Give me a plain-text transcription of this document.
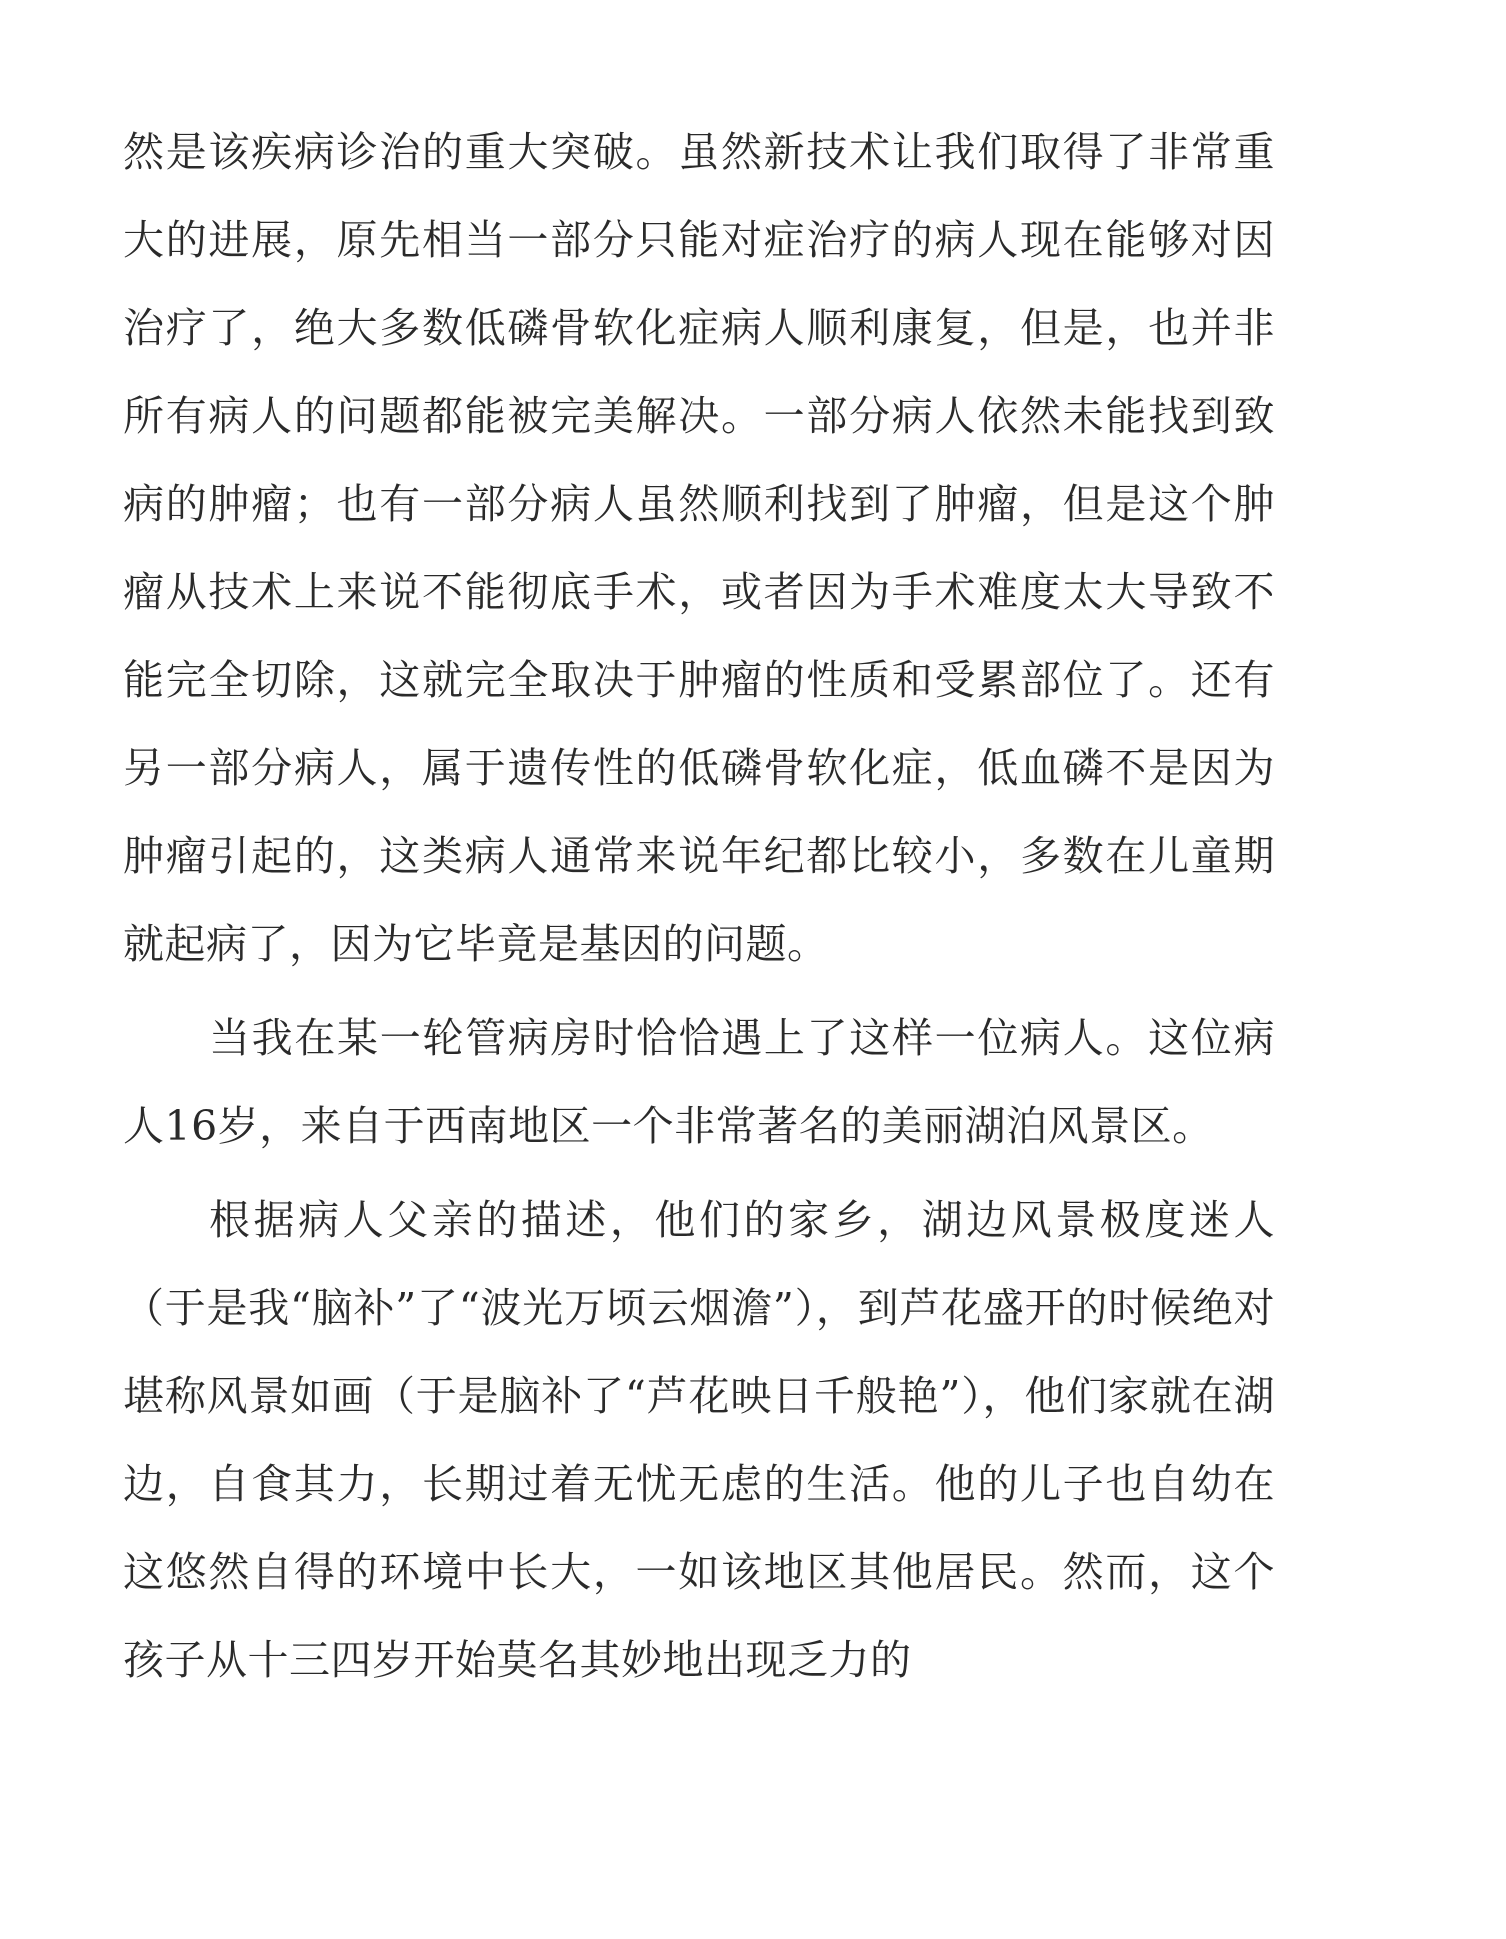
然是该疾病诊治的重大突破。虽然新技术让我们取得了非常重大的进展，原先相当一部分只能对症治疗的病人现在能够对因治疗了，绝大多数低磷骨软化症病人顺利康复，但是，也并非所有病人的问题都能被完美解决。一部分病人依然未能找到致病的肿瘤；也有一部分病人虽然顺利找到了肿瘤，但是这个肿瘤从技术上来说不能彻底手术，或者因为手术难度太大导致不能完全切除，这就完全取决于肿瘤的性质和受累部位了。还有另一部分病人，属于遗传性的低磷骨软化症，低血磷不是因为肿瘤引起的，这类病人通常来说年纪都比较小，多数在儿童期就起病了，因为它毕竟是基因的问题。

当我在某一轮管病房时恰恰遇上了这样一位病人。这位病人16岁，来自于西南地区一个非常著名的美丽湖泊风景区。

根据病人父亲的描述，他们的家乡，湖边风景极度迷人（于是我“脑补”了“波光万顷云烟澹”），到芦花盛开的时候绝对堪称风景如画（于是脑补了“芦花映日千般艳”），他们家就在湖边，自食其力，长期过着无忧无虑的生活。他的儿子也自幼在这悠然自得的环境中长大，一如该地区其他居民。然而，这个孩子从十三四岁开始莫名其妙地出现乏力的
